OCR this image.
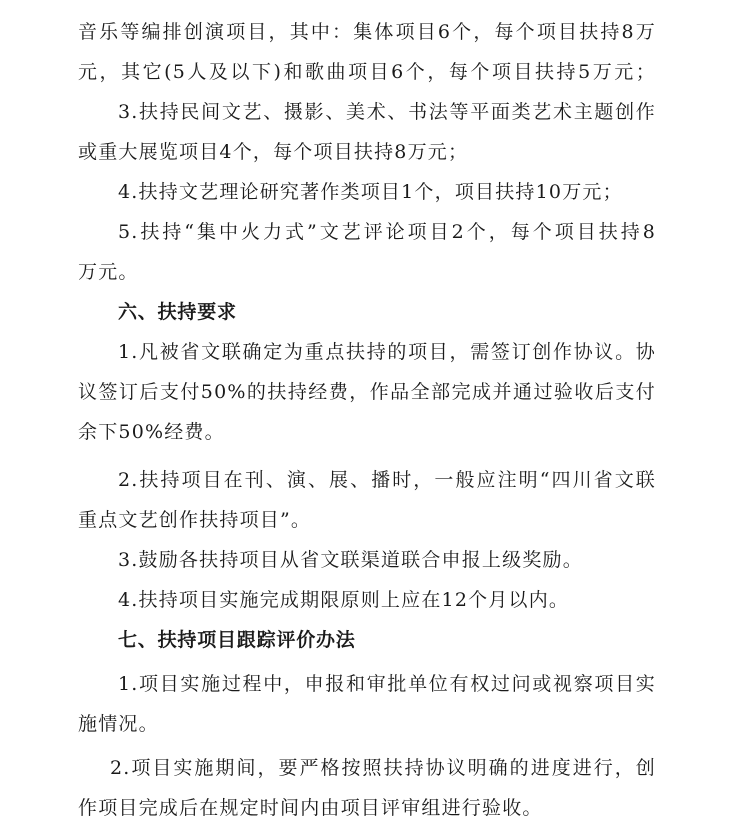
音乐等编排创演项目，其中：集体项目6个，每个项目扶持8万
元，其它(5人及以下)和歌曲项目6个，每个项目扶持5万元；
3.扶持民间文艺、摄影、美术、书法等平面类艺术主题创作
或重大展览项目4个，每个项目扶持8万元；
4.扶持文艺理论研究著作类项目1个，项目扶持10万元；
5.扶持“集中火力式”文艺评论项目2个，每个项目扶持8
万元。
六、扶持要求
1.凡被省文联确定为重点扶持的项目，需签订创作协议。协
议签订后支付50%的扶持经费，作品全部完成并通过验收后支付
余下50%经费。
2.扶持项目在刊、演、展、播时，一般应注明“四川省文联
重点文艺创作扶持项目”。
3.鼓励各扶持项目从省文联渠道联合申报上级奖励。
4.扶持项目实施完成期限原则上应在12个月以内。
七、扶持项目跟踪评价办法
1.项目实施过程中，申报和审批单位有权过问或视察项目实
施情况。
2.项目实施期间，要严格按照扶持协议明确的进度进行，创
作项目完成后在规定时间内由项目评审组进行验收。
